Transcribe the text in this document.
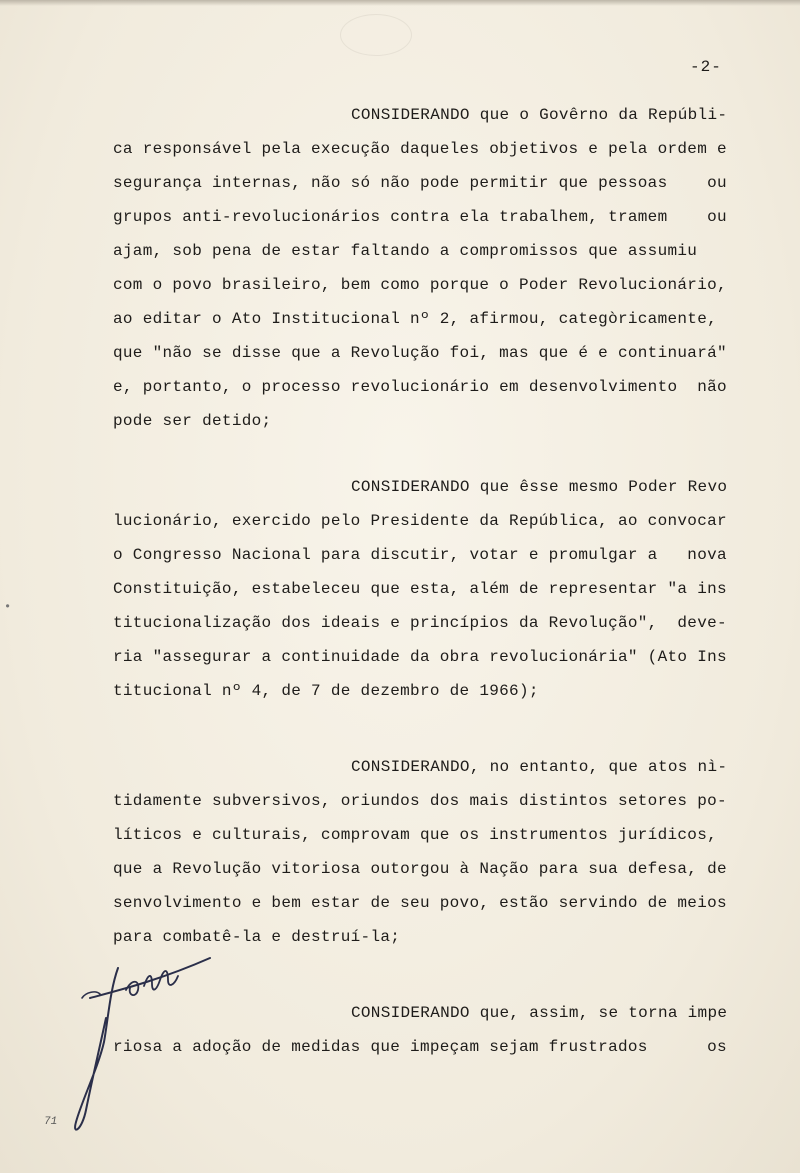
-2-
CONSIDERANDO que o Govêrno da Repúbli-
ca responsável pela execução daqueles objetivos e pela ordem e
segurança internas, não só não pode permitir que pessoas    ou
grupos anti-revolucionários contra ela trabalhem, tramem    ou
ajam, sob pena de estar faltando a compromissos que assumiu
com o povo brasileiro, bem como porque o Poder Revolucionário,
ao editar o Ato Institucional nº 2, afirmou, categòricamente,
que "não se disse que a Revolução foi, mas que é e continuará"
e, portanto, o processo revolucionário em desenvolvimento  não
pode ser detido;
CONSIDERANDO que êsse mesmo Poder Revo
lucionário, exercido pelo Presidente da República, ao convocar
o Congresso Nacional para discutir, votar e promulgar a   nova
Constituição, estabeleceu que esta, além de representar "a ins
titucionalização dos ideais e princípios da Revolução",  deve-
ria "assegurar a continuidade da obra revolucionária" (Ato Ins
titucional nº 4, de 7 de dezembro de 1966);
CONSIDERANDO, no entanto, que atos nì-
tidamente subversivos, oriundos dos mais distintos setores po-
líticos e culturais, comprovam que os instrumentos jurídicos,
que a Revolução vitoriosa outorgou à Nação para sua defesa, de
senvolvimento e bem estar de seu povo, estão servindo de meios
para combatê-la e destruí-la;
CONSIDERANDO que, assim, se torna impe
riosa a adoção de medidas que impeçam sejam frustrados      os
•
71
